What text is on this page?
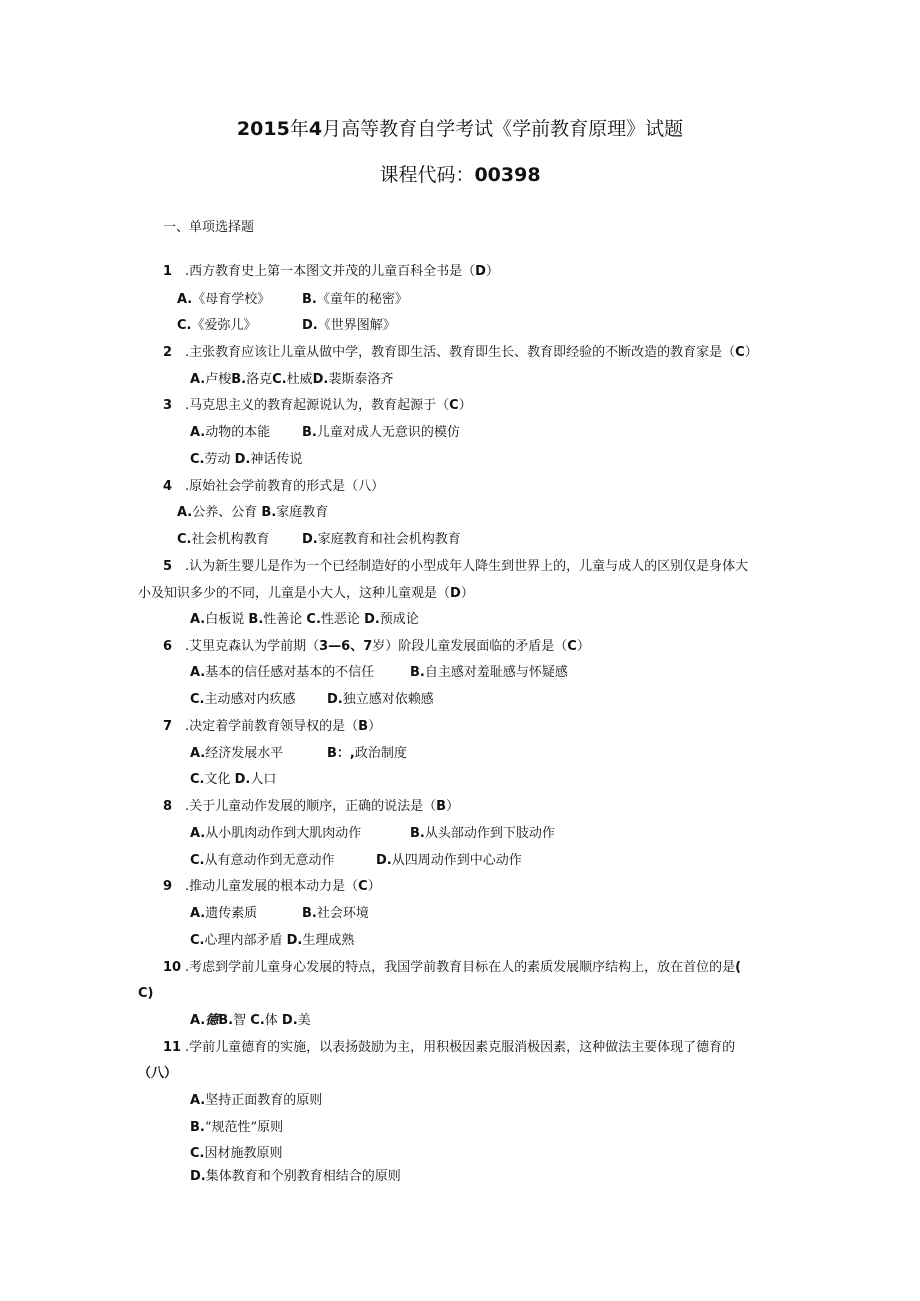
2015年4月高等教育自学考试《学前教育原理》试题
课程代码：00398
一、单项选择题
1 .西方教育史上第一本图文并茂的儿童百科全书是（D）
A.《母育学校》 B.《童年的秘密》
C.《爱弥儿》	D.《世界图解》
2 .主张教育应该让儿童从做中学，教育即生活、教育即生长、教育即经验的不断改造的教育家是（C）
A.卢梭B.洛克C.杜威D.裴斯泰洛齐
3 .马克思主义的教育起源说认为，教育起源于（C）
A.动物的本能 B.儿童对成人无意识的模仿
C.劳动 D.神话传说
4 .原始社会学前教育的形式是（八）
A.公养、公育 B.家庭教育
C.社会机构教育	D.家庭教育和社会机构教育
5 .认为新生婴儿是作为一个已经制造好的小型成年人降生到世界上的，儿童与成人的区别仅是身体大
小及知识多少的不同，儿童是小大人，这种儿童观是（D）
A.白板说 B.性善论 C.性恶论 D.预成论
6 .艾里克森认为学前期（3—6、7岁）阶段儿童发展面临的矛盾是（C）
A.基本的信任感对基本的不信任	B.自主感对羞耻感与怀疑感
C.主动感对内疚感 D.独立感对依赖感
7 .决定着学前教育领导权的是（B）
A.经济发展水平	B：,政治制度
C.文化 D.人口
8 .关于儿童动作发展的顺序，正确的说法是（B）
A.从小肌肉动作到大肌肉动作	B.从头部动作到下肢动作
C.从有意动作到无意动作	D.从四周动作到中心动作
9 .推动儿童发展的根本动力是（C）
A.遗传素质	B.社会环境
C.心理内部矛盾 D.生理成熟
10 .考虑到学前儿童身心发展的特点，我国学前教育目标在人的素质发展顺序结构上，放在首位的是(
C)
A.德B.智 C.体 D.美
11 .学前儿童德育的实施，以表扬鼓励为主，用积极因素克服消极因素，这种做法主要体现了德育的
（八）
A.坚持正面教育的原则
B.“规范性”原则
C.因材施教原则
D.集体教育和个别教育相结合的原则
